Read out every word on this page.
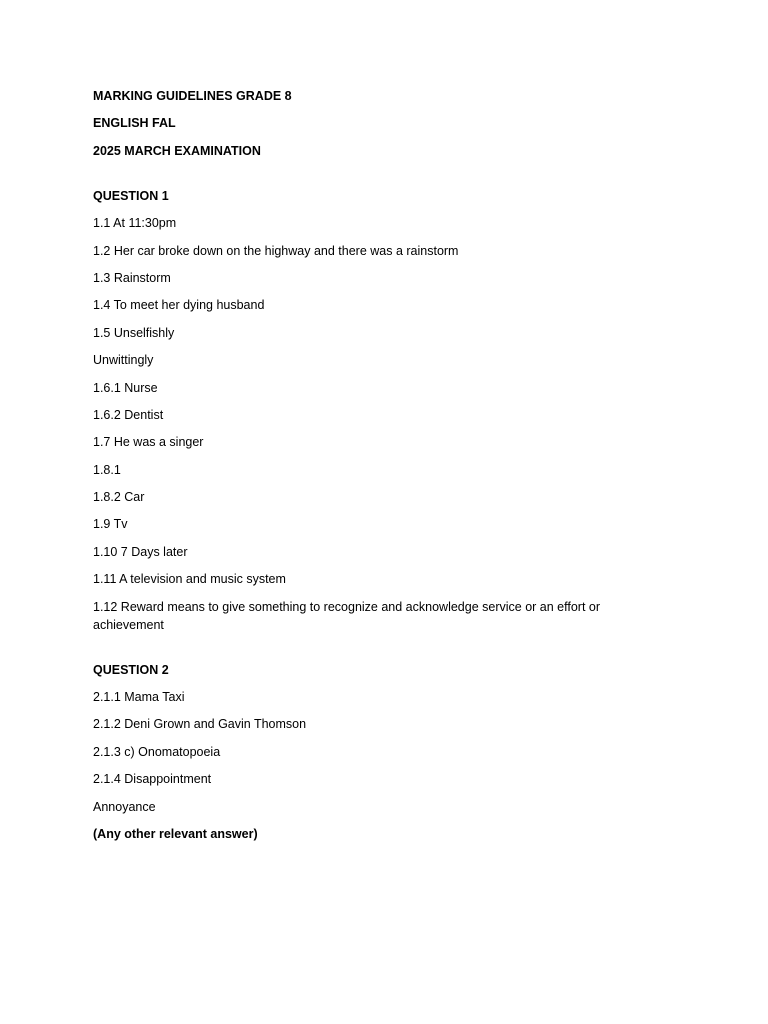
MARKING GUIDELINES GRADE 8

ENGLISH FAL

2025 MARCH EXAMINATION

QUESTION 1

1.1 At 11:30pm

1.2 Her car broke down on the highway and there was a rainstorm

1.3 Rainstorm

1.4 To meet her dying husband

1.5 Unselfishly

Unwittingly

1.6.1 Nurse

1.6.2 Dentist

1.7 He was a singer

1.8.1

1.8.2 Car

1.9 Tv

1.10 7 Days later

1.11 A television and music system

1.12 Reward means to give something to recognize and acknowledge service or an effort or achievement

QUESTION 2

2.1.1 Mama Taxi

2.1.2 Deni Grown and Gavin Thomson

2.1.3 c) Onomatopoeia

2.1.4 Disappointment

Annoyance

(Any other relevant answer)
